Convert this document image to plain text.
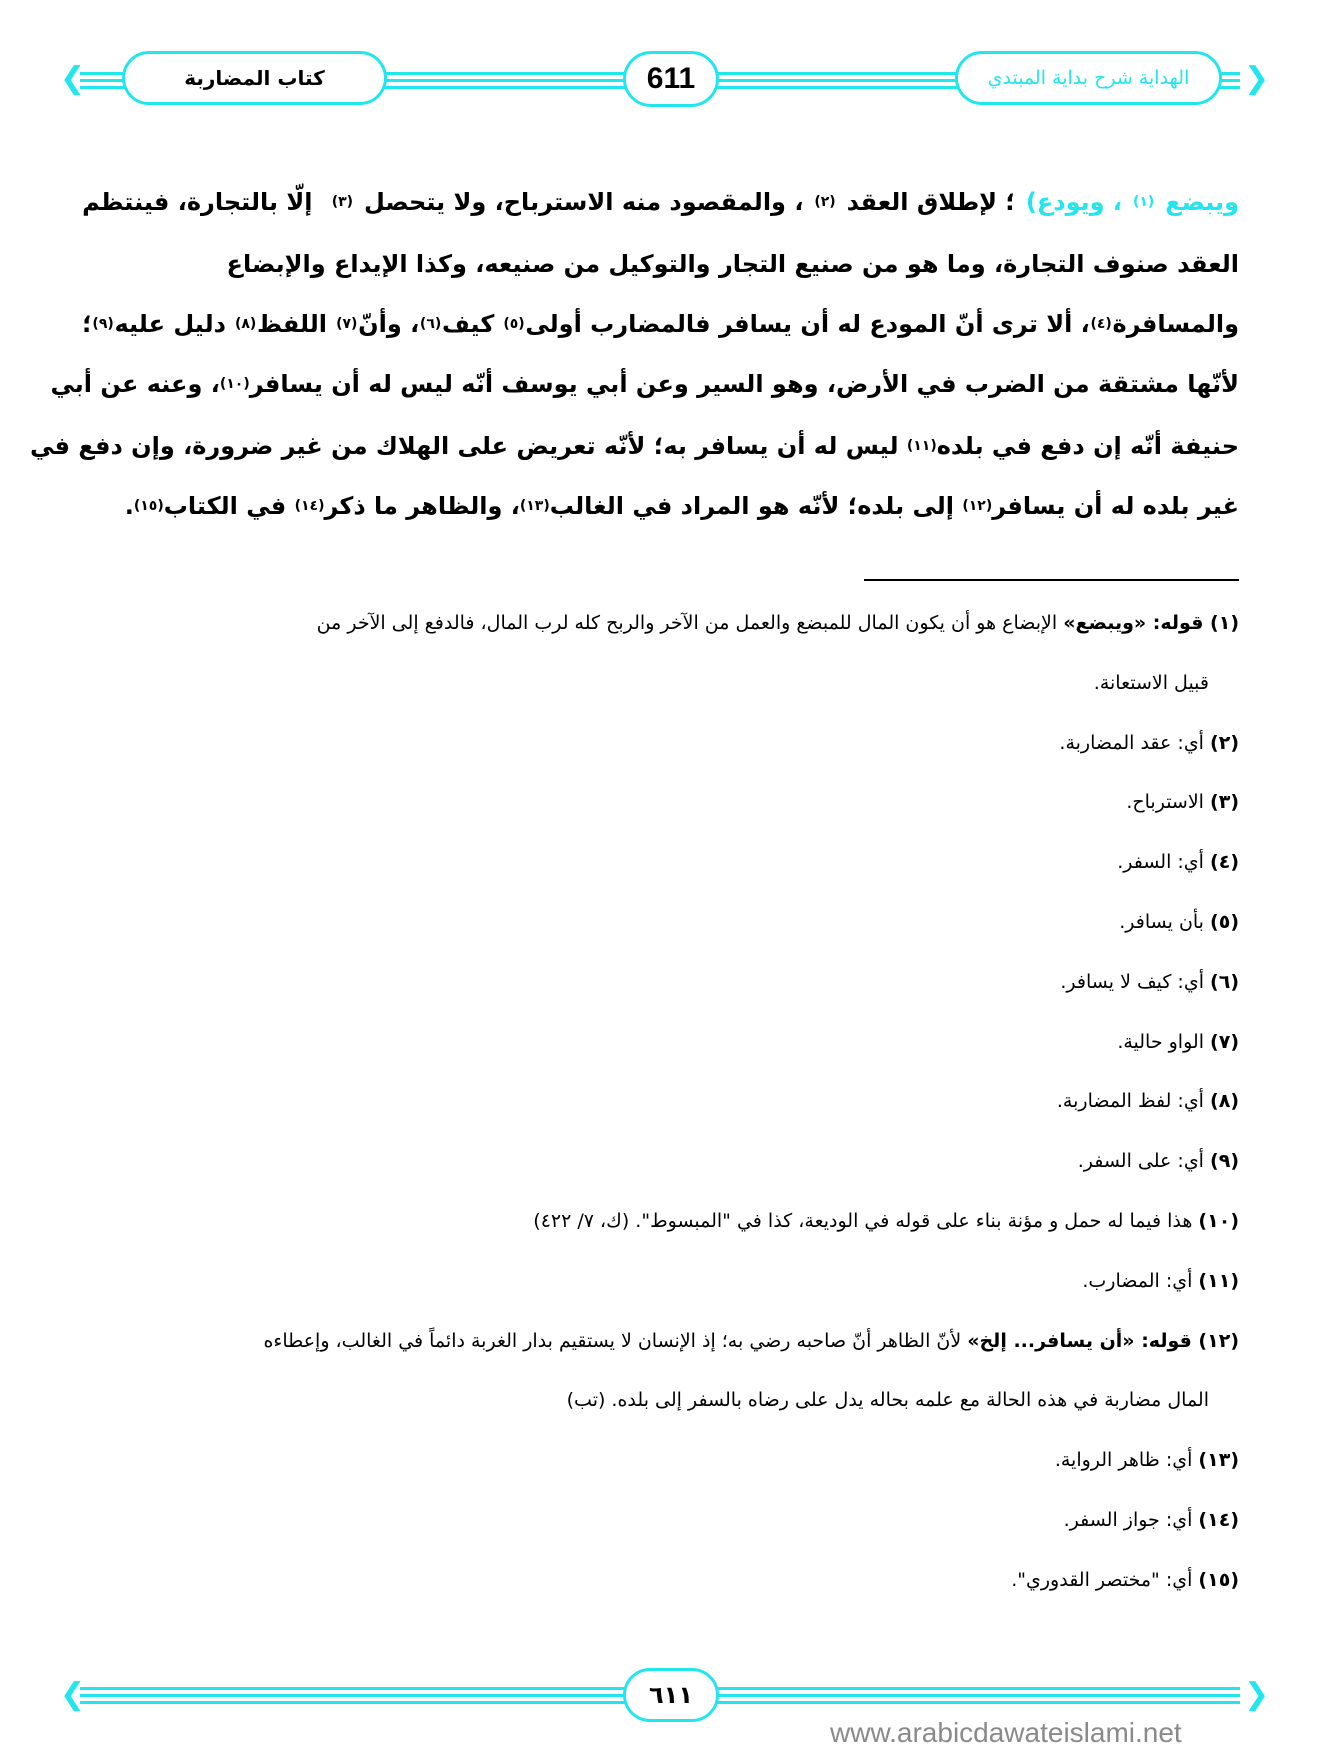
❮	❯
كتاب المضاربة	611	الهداية شرح بداية المبتدي
ويبضع
(١)
، ويودع)
؛ لإطلاق العقد
(٢)
، والمقصود منه الاسترباح، ولا يتحصل
(٣)
إلّا بالتجارة، فينتظم
العقد صنوف التجارة، وما هو من صنيع التجار والتوكيل من صنيعه، وكذا الإيداع والإبضاع
والمسافرة
(٤)
، ألا ترى أنّ المودع له أن يسافر فالمضارب أولى
(٥)
كيف
(٦)
، وأنّ
(٧)
اللفظ
(٨)
دليل عليه
(٩)
؛
لأنّها مشتقة من الضرب في الأرض، وهو السير وعن أبي يوسف أنّه ليس له أن يسافر
(١٠)
، وعنه عن أبي
حنيفة أنّه إن دفع في بلده
(١١)
ليس له أن يسافر به؛ لأنّه تعريض على الهلاك من غير ضرورة، وإن دفع في
غير بلده له أن يسافر
(١٢)
إلى بلده؛ لأنّه هو المراد في الغالب
(١٣)
، والظاهر ما ذكر
(١٤)
في الكتاب
(١٥)
.
(١) قوله: «ويبضع» الإبضاع هو أن يكون المال للمبضع والعمل من الآخر والربح كله لرب المال، فالدفع إلى الآخر من
قبيل الاستعانة.
(٢) أي: عقد المضاربة.
(٣) الاسترباح.
(٤) أي: السفر.
(٥) بأن يسافر.
(٦) أي: كيف لا يسافر.
(٧) الواو حالية.
(٨) أي: لفظ المضاربة.
(٩) أي: على السفر.
(١٠) هذا فيما له حمل و مؤنة بناء على قوله في الوديعة، كذا في "المبسوط". (ك، ٧/ ٤٢٢)
(١١) أي: المضارب.
(١٢) قوله: «أن يسافر... إلخ» لأنّ الظاهر أنّ صاحبه رضي به؛ إذ الإنسان لا يستقيم بدار الغربة دائماً في الغالب، وإعطاءه
المال مضاربة في هذه الحالة مع علمه بحاله يدل على رضاه بالسفر إلى بلده. (تب)
(١٣) أي: ظاهر الرواية.
(١٤) أي: جواز السفر.
(١٥) أي: "مختصر القدوري".
❮	❯
٦١١
www.arabicdawateislami.net
